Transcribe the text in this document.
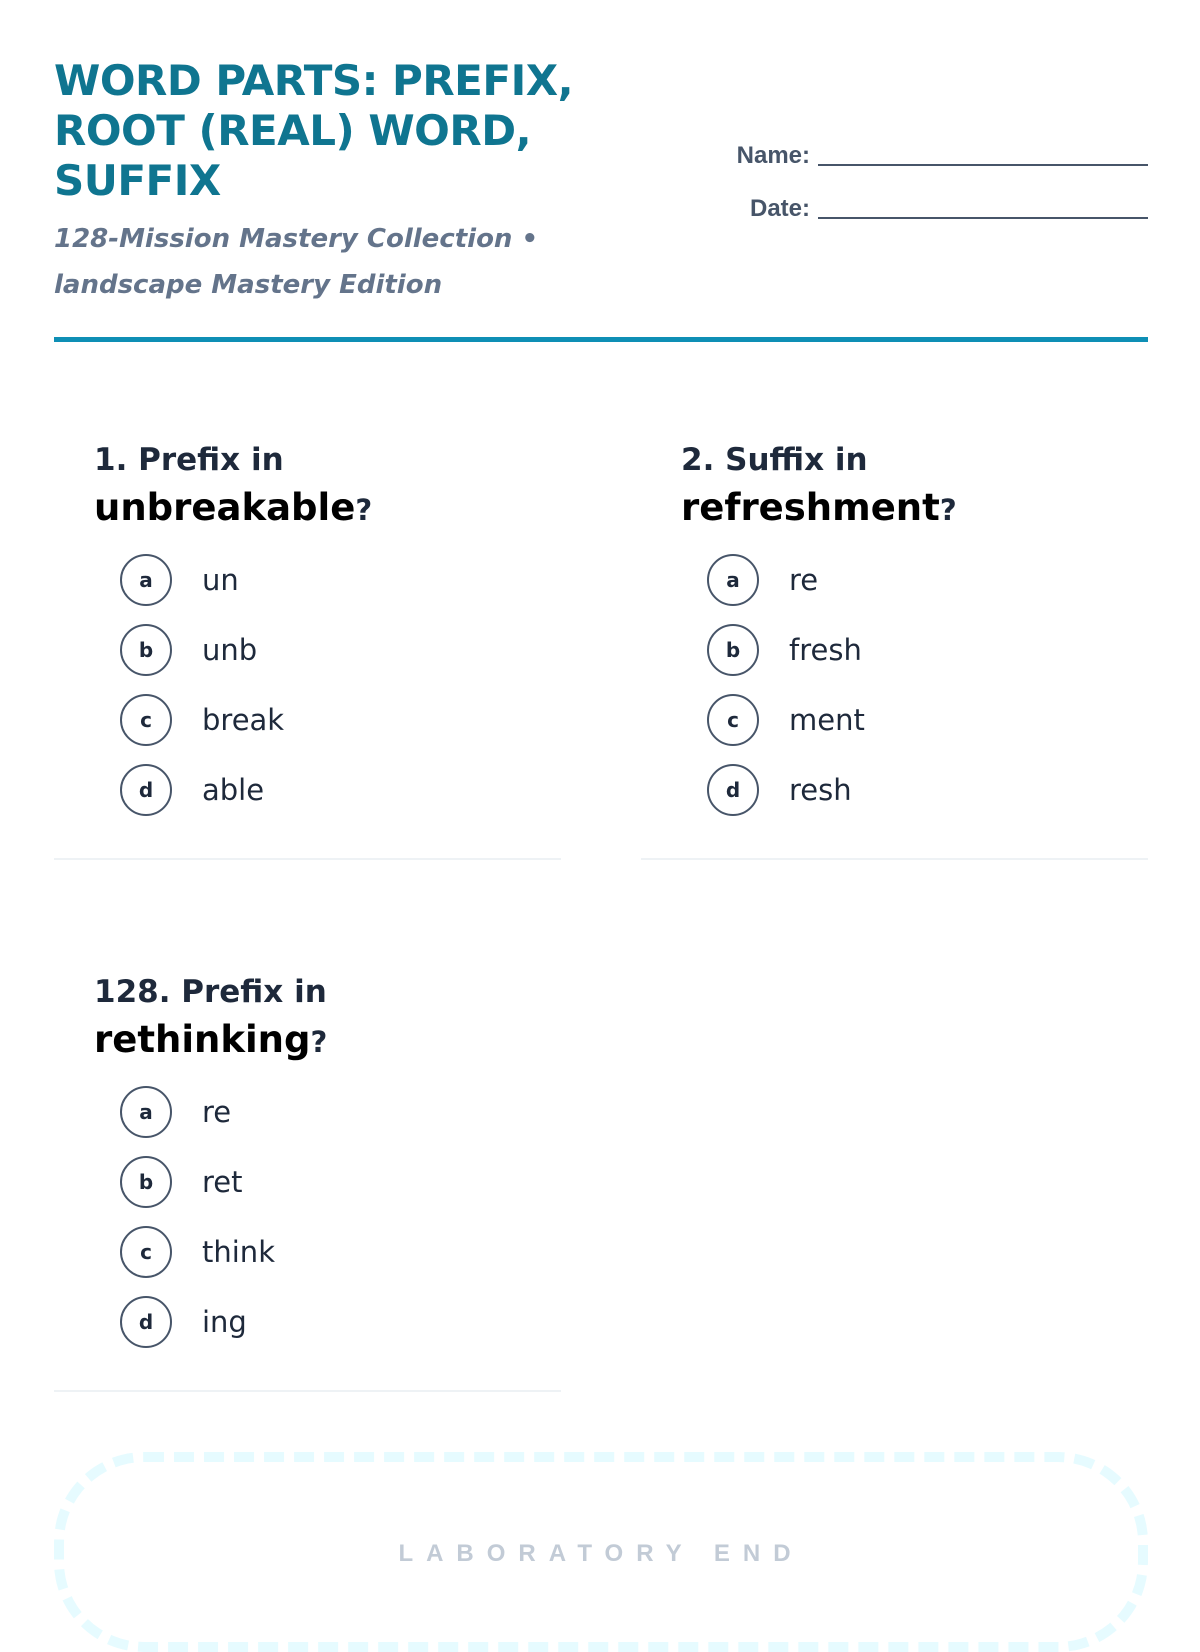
WORD PARTS: PREFIX, ROOT (REAL) WORD, SUFFIX
128-Mission Mastery Collection • landscape Mastery Edition
Name:
Date:
1. Prefix in
unbreakable?
a	un
b	unb
c	break
d	able
2. Suffix in
refreshment?
a	re
b	fresh
c	ment
d	resh
128. Prefix in
rethinking?
a	re
b	ret
c	think
d	ing
LABORATORY END
